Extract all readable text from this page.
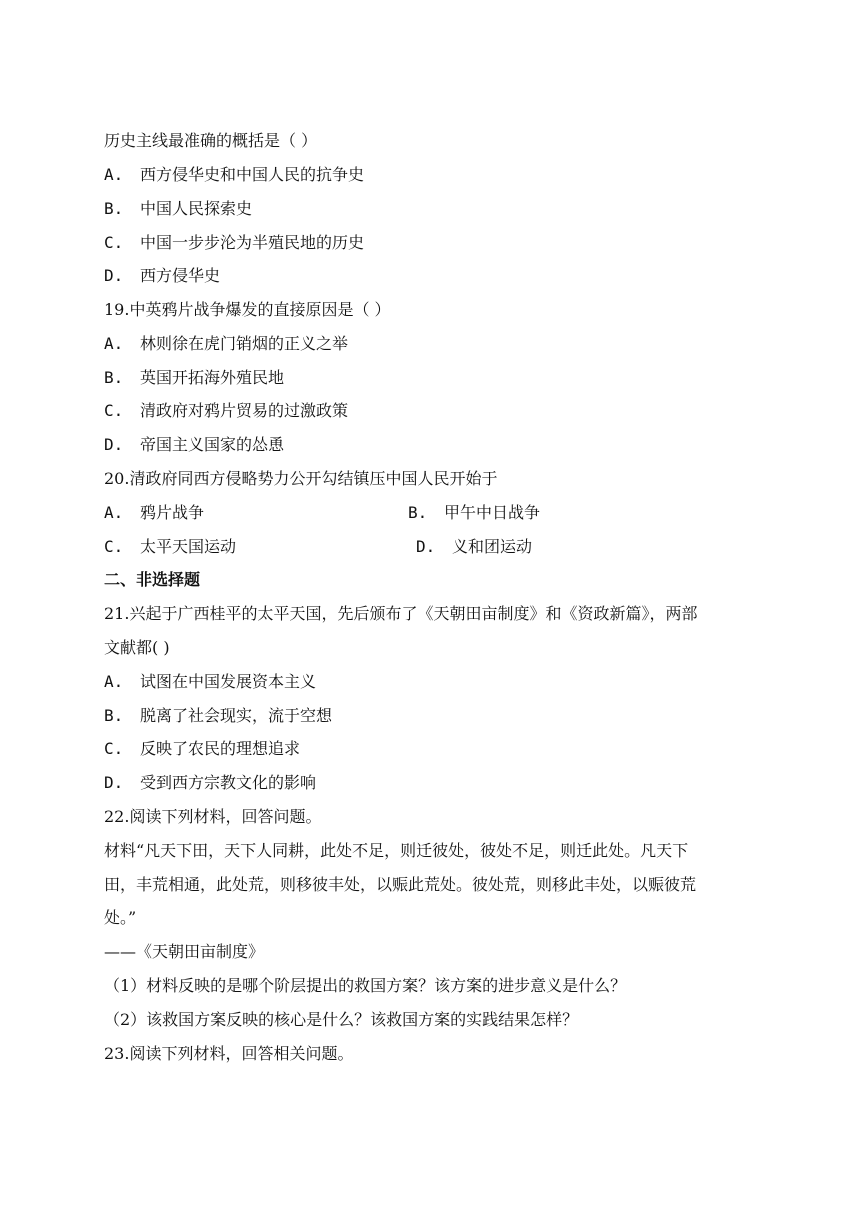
历史主线最准确的概括是（ ）
A. 西方侵华史和中国人民的抗争史
B. 中国人民探索史
C. 中国一步步沦为半殖民地的历史
D. 西方侵华史
19.中英鸦片战争爆发的直接原因是（ ）
A. 林则徐在虎门销烟的正义之举
B. 英国开拓海外殖民地
C. 清政府对鸦片贸易的过激政策
D. 帝国主义国家的怂恿
20.清政府同西方侵略势力公开勾结镇压中国人民开始于
A. 鸦片战争	B. 甲午中日战争
C. 太平天国运动	D. 义和团运动
二、非选择题
21.兴起于广西桂平的太平天国，先后颁布了《天朝田亩制度》和《资政新篇》，两部
文献都( )
A. 试图在中国发展资本主义
B. 脱离了社会现实，流于空想
C. 反映了农民的理想追求
D. 受到西方宗教文化的影响
22.阅读下列材料，回答问题。
材料“凡天下田，天下人同耕，此处不足，则迁彼处，彼处不足，则迁此处。凡天下
田，丰荒相通，此处荒，则移彼丰处，以赈此荒处。彼处荒，则移此丰处，以赈彼荒
处。”
——《天朝田亩制度》
（1）材料反映的是哪个阶层提出的救国方案？该方案的进步意义是什么？
（2）该救国方案反映的核心是什么？该救国方案的实践结果怎样？
23.阅读下列材料，回答相关问题。
